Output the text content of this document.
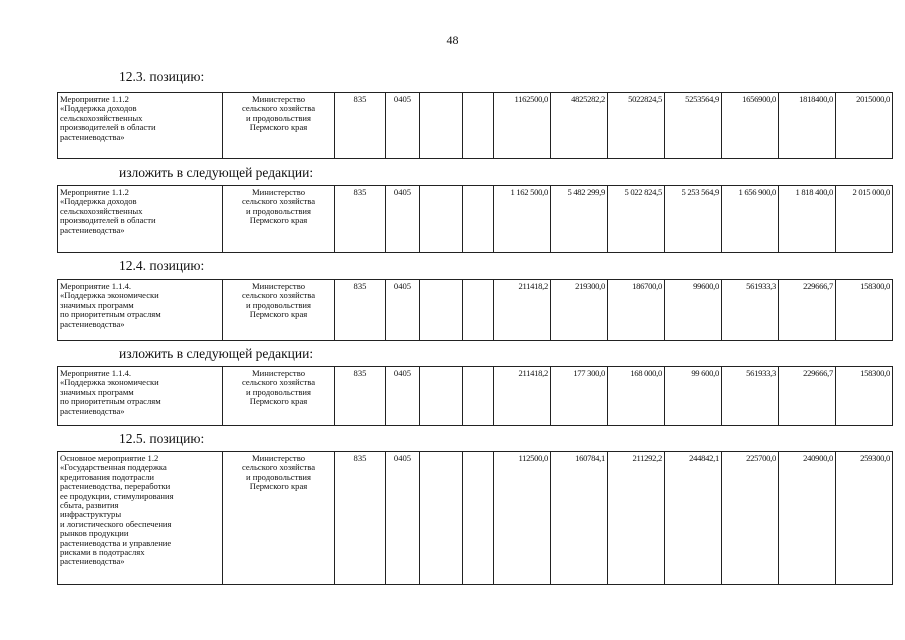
48
12.3. позицию:
Мероприятие 1.1.2
«Поддержка доходов
сельскохозяйственных
производителей в области
растениеводства»

Министерство
сельского хозяйства
и продовольствия
Пермского края
	835	0405			1162500,0	4825282,2	5022824,5	5253564,9	1656900,0	1818400,0	2015000,0
изложить в следующей редакции:
Мероприятие 1.1.2
«Поддержка доходов
сельскохозяйственных
производителей в области
растениеводства»

Министерство
сельского хозяйства
и продовольствия
Пермского края
	835	0405			1 162 500,0	5 482 299,9	5 022 824,5	5 253 564,9	1 656 900,0	1 818 400,0	2 015 000,0
12.4. позицию:
Мероприятие 1.1.4.
«Поддержка экономически
значимых программ
по приоритетным отраслям
растениеводства»

Министерство
сельского хозяйства
и продовольствия
Пермского края
	835	0405			211418,2	219300,0	186700,0	99600,0	561933,3	229666,7	158300,0
изложить в следующей редакции:
Мероприятие 1.1.4.
«Поддержка экономически
значимых программ
по приоритетным отраслям
растениеводства»

Министерство
сельского хозяйства
и продовольствия
Пермского края
	835	0405			211418,2	177 300,0	168 000,0	99 600,0	561933,3	229666,7	158300,0
12.5. позицию:
Основное мероприятие 1.2
«Государственная поддержка
кредитования подотрасли
растениеводства, переработки
ее продукции, стимулирования
сбыта, развития
инфраструктуры
и логистического обеспечения
рынков продукции
растениеводства и управление
рисками в подотраслях
растениеводства»

Министерство
сельского хозяйства
и продовольствия
Пермского края
	835	0405			112500,0	160784,1	211292,2	244842,1	225700,0	240900,0	259300,0
